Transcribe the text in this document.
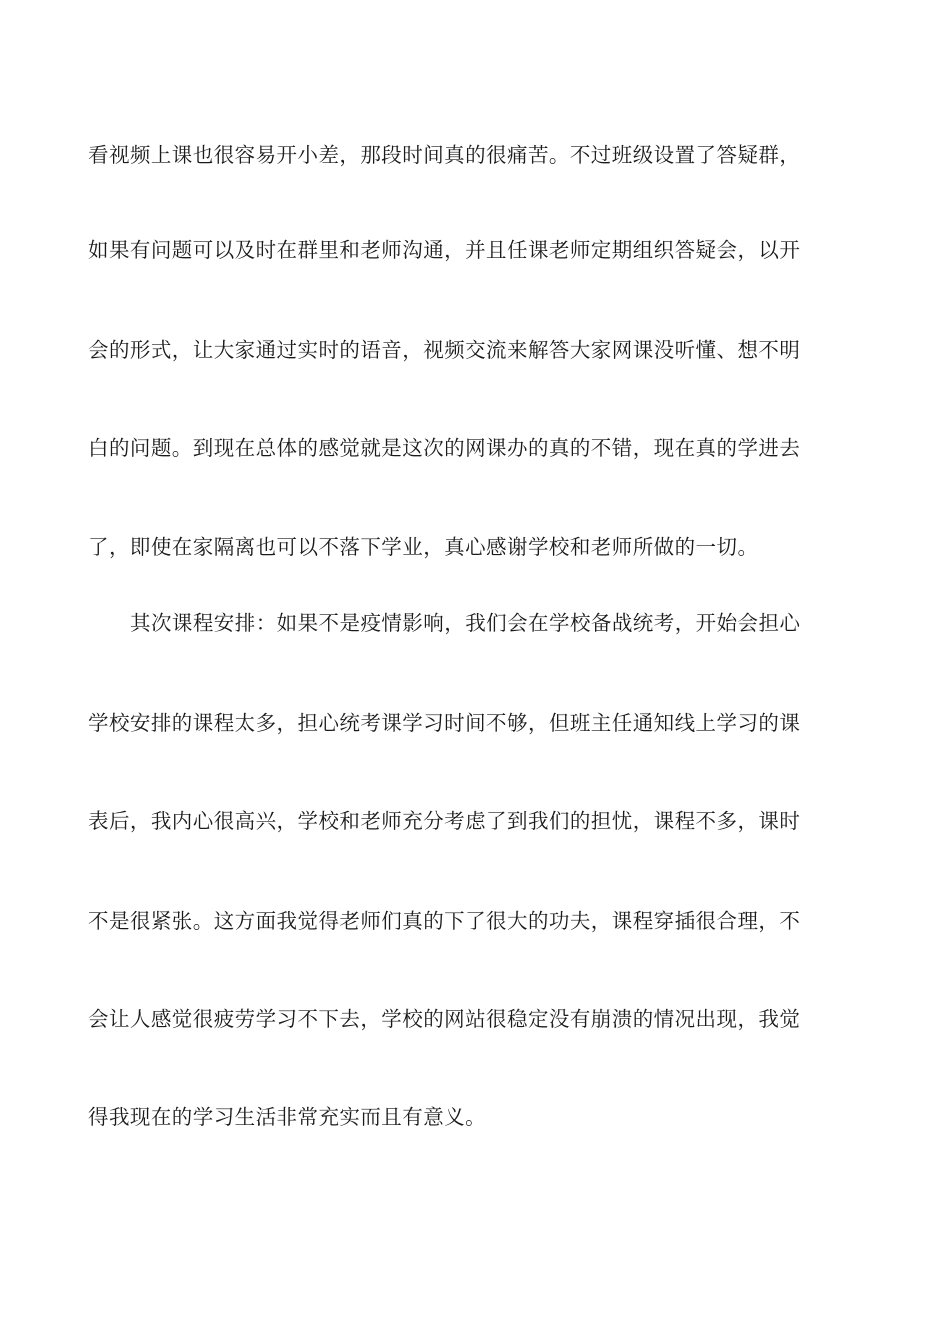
看视频上课也很容易开小差，那段时间真的很痛苦。不过班级设置了答疑群，
如果有问题可以及时在群里和老师沟通，并且任课老师定期组织答疑会，以开
会的形式，让大家通过实时的语音，视频交流来解答大家网课没听懂、想不明
白的问题。到现在总体的感觉就是这次的网课办的真的不错，现在真的学进去
了，即使在家隔离也可以不落下学业，真心感谢学校和老师所做的一切。
其次课程安排：如果不是疫情影响，我们会在学校备战统考，开始会担心
学校安排的课程太多，担心统考课学习时间不够，但班主任通知线上学习的课
表后，我内心很高兴，学校和老师充分考虑了到我们的担忧，课程不多，课时
不是很紧张。这方面我觉得老师们真的下了很大的功夫，课程穿插很合理，不
会让人感觉很疲劳学习不下去，学校的网站很稳定没有崩溃的情况出现，我觉
得我现在的学习生活非常充实而且有意义。
